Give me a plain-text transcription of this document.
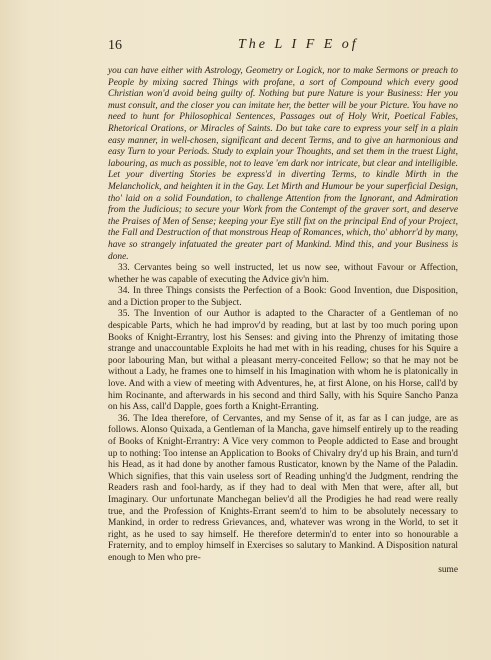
16	The L I F E of

you can have either with Astrology, Geometry or Logick, nor to make Sermons or preach to People by mixing sacred Things with profane, a sort of Compound which every good Christian won'd avoid being guilty of. Nothing but pure Nature is your Business: Her you must consult, and the closer you can imitate her, the better will be your Picture. You have no need to hunt for Philosophical Sentences, Passages out of Holy Writ, Poetical Fables, Rhetorical Orations, or Miracles of Saints. Do but take care to express your self in a plain easy manner, in well-chosen, significant and decent Terms, and to give an harmonious and easy Turn to your Periods. Study to explain your Thoughts, and set them in the truest Light, labouring, as much as possible, not to leave 'em dark nor intricate, but clear and intelligible. Let your diverting Stories be express'd in diverting Terms, to kindle Mirth in the Melancholick, and heighten it in the Gay. Let Mirth and Humour be your superficial Design, tho' laid on a solid Foundation, to challenge Attention from the Ignorant, and Admiration from the Judicious; to secure your Work from the Contempt of the graver sort, and deserve the Praises of Men of Sense; keeping your Eye still fixt on the principal End of your Project, the Fall and Destruction of that monstrous Heap of Romances, which, tho' abhorr'd by many, have so strangely infatuated the greater part of Mankind. Mind this, and your Business is done.

33. Cervantes being so well instructed, let us now see, without Favour or Affection, whether he was capable of executing the Advice giv'n him.

34. In three Things consists the Perfection of a Book: Good Invention, due Disposition, and a Diction proper to the Subject.

35. The Invention of our Author is adapted to the Character of a Gentleman of no despicable Parts, which he had improv'd by reading, but at last by too much poring upon Books of Knight-Errantry, lost his Senses: and giving into the Phrenzy of imitating those strange and unaccountable Exploits he had met with in his reading, chuses for his Squire a poor labouring Man, but withal a pleasant merry-conceited Fellow; so that he may not be without a Lady, he frames one to himself in his Imagination with whom he is platonically in love. And with a view of meeting with Adventures, he, at first Alone, on his Horse, call'd by him Rocinante, and afterwards in his second and third Sally, with his Squire Sancho Panza on his Ass, call'd Dapple, goes forth a Knight-Erranting.

36. The Idea therefore, of Cervantes, and my Sense of it, as far as I can judge, are as follows. Alonso Quixada, a Gentleman of la Mancha, gave himself entirely up to the reading of Books of Knight-Errantry: A Vice very common to People addicted to Ease and brought up to nothing: Too intense an Application to Books of Chivalry dry'd up his Brain, and turn'd his Head, as it had done by another famous Rusticator, known by the Name of the Paladin. Which signifies, that this vain useless sort of Reading unhing'd the Judgment, rendring the Readers rash and fool-hardy, as if they had to deal with Men that were, after all, but Imaginary. Our unfortunate Manchegan believ'd all the Prodigies he had read were really true, and the Profession of Knights-Errant seem'd to him to be absolutely necessary to Mankind, in order to redress Grievances, and, whatever was wrong in the World, to set it right, as he used to say himself. He therefore determin'd to enter into so honourable a Fraternity, and to employ himself in Exercises so salutary to Mankind. A Disposition natural enough to Men who pre-

sume
